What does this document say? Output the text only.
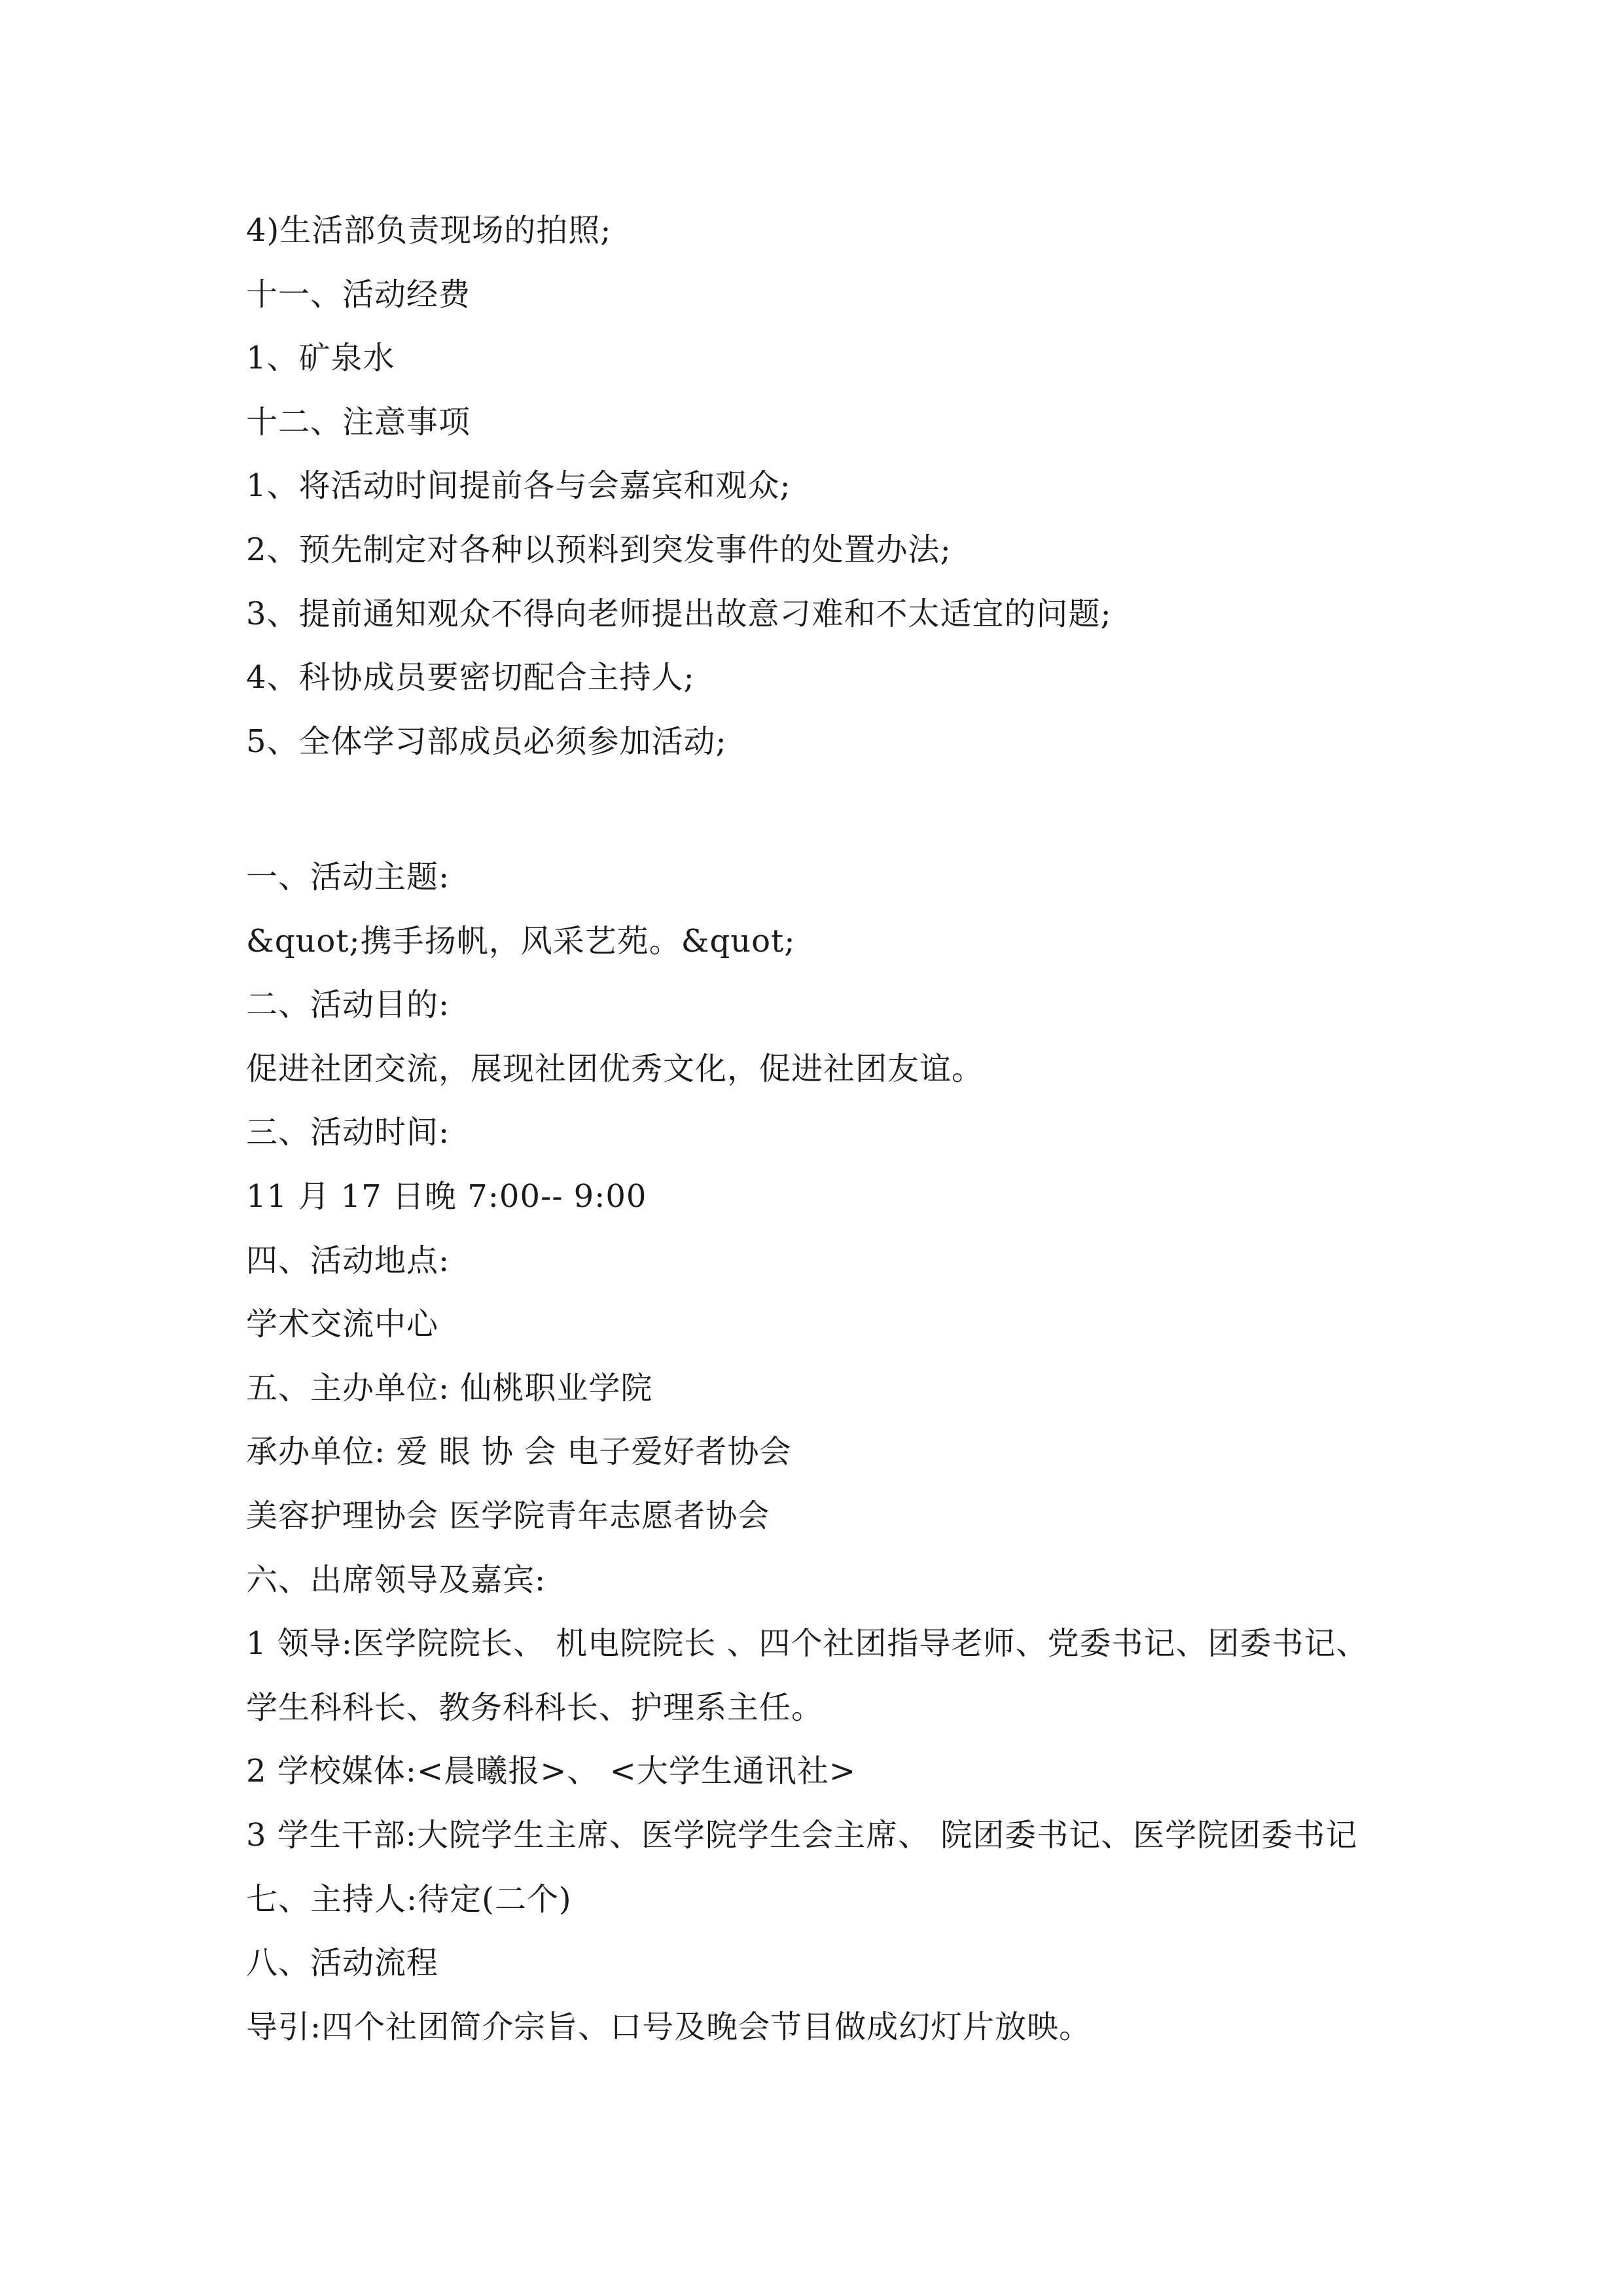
4)生活部负责现场的拍照;
十一、活动经费
1、矿泉水
十二、注意事项
1、将活动时间提前各与会嘉宾和观众;
2、预先制定对各种以预料到突发事件的处置办法;
3、提前通知观众不得向老师提出故意刁难和不太适宜的问题;
4、科协成员要密切配合主持人;
5、全体学习部成员必须参加活动;
一、活动主题:
&quot;携手扬帆，风采艺苑。&quot;
二、活动目的:
促进社团交流，展现社团优秀文化，促进社团友谊。
三、活动时间:
11 月 17 日晚 7:00-- 9:00
四、活动地点:
学术交流中心
五、主办单位: 仙桃职业学院
承办单位: 爱 眼 协 会 电子爱好者协会
美容护理协会 医学院青年志愿者协会
六、出席领导及嘉宾:
1 领导:医学院院长、 机电院院长 、四个社团指导老师、党委书记、团委书记、
学生科科长、教务科科长、护理系主任。
2 学校媒体:<晨曦报>、 <大学生通讯社>
3 学生干部:大院学生主席、医学院学生会主席、 院团委书记、医学院团委书记
七、主持人:待定(二个)
八、活动流程
导引:四个社团简介宗旨、口号及晚会节目做成幻灯片放映。
